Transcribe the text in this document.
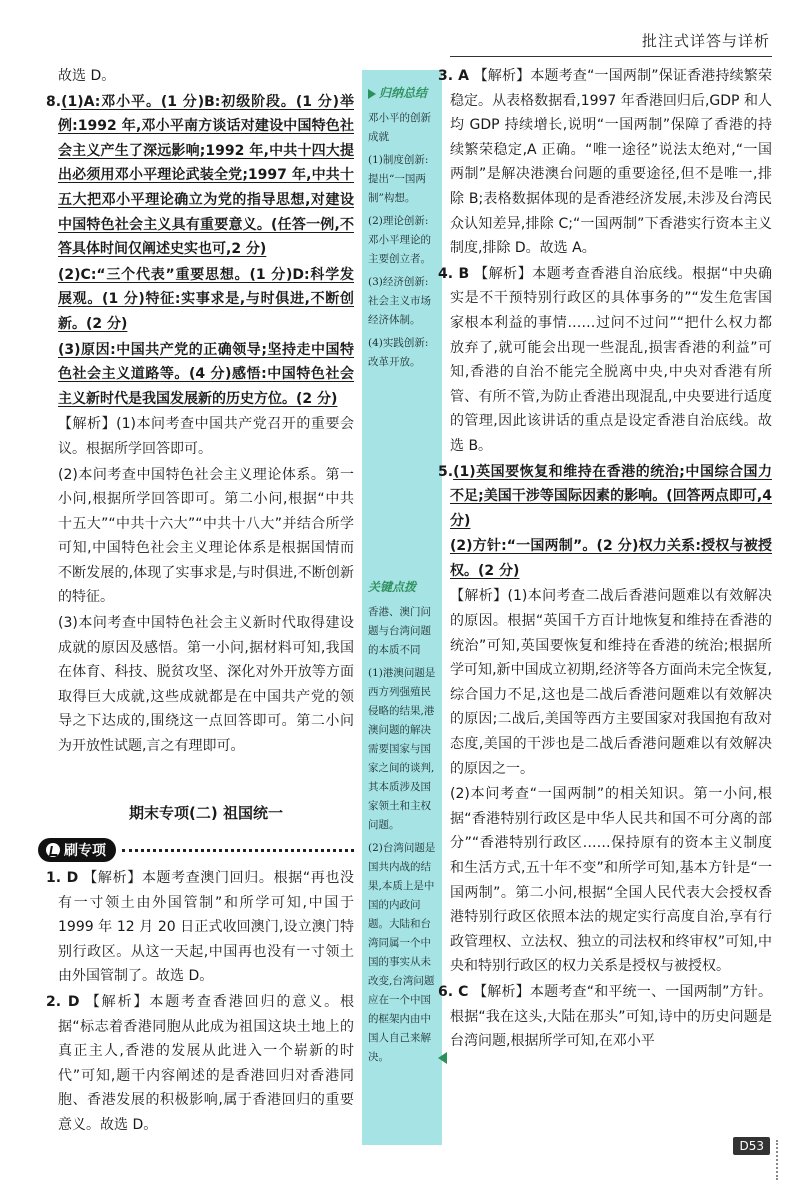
批注式详答与详析

故选 D。

8.(1)A:邓小平。(1 分)B:初级阶段。(1 分)举例:1992 年,邓小平南方谈话对建设中国特色社会主义产生了深远影响;1992 年,中共十四大提出必须用邓小平理论武装全党;1997 年,中共十五大把邓小平理论确立为党的指导思想,对建设中国特色社会主义具有重要意义。(任答一例,不答具体时间仅阐述史实也可,2 分)

(2)C:“三个代表”重要思想。(1 分)D:科学发展观。(1 分)特征:实事求是,与时俱进,不断创新。(2 分)

(3)原因:中国共产党的正确领导;坚持走中国特色社会主义道路等。(4 分)感悟:中国特色社会主义新时代是我国发展新的历史方位。(2 分)

【解析】(1)本问考查中国共产党召开的重要会议。根据所学回答即可。

(2)本问考查中国特色社会主义理论体系。第一小问,根据所学回答即可。第二小问,根据“中共十五大”“中共十六大”“中共十八大”并结合所学可知,中国特色社会主义理论体系是根据国情而不断发展的,体现了实事求是,与时俱进,不断创新的特征。

(3)本问考查中国特色社会主义新时代取得建设成就的原因及感悟。第一小问,据材料可知,我国在体育、科技、脱贫攻坚、深化对外开放等方面取得巨大成就,这些成就都是在中国共产党的领导之下达成的,围绕这一点回答即可。第二小问为开放性试题,言之有理即可。

期末专项(二) 祖国统一
刷专项

1. D 【解析】本题考查澳门回归。根据“再也没有一寸领土由外国管制”和所学可知,中国于 1999 年 12 月 20 日正式收回澳门,设立澳门特别行政区。从这一天起,中国再也没有一寸领土由外国管制了。故选 D。

2. D 【解析】本题考查香港回归的意义。根据“标志着香港同胞从此成为祖国这块土地上的真正主人,香港的发展从此进入一个崭新的时代”可知,题干内容阐述的是香港回归对香港同胞、香港发展的积极影响,属于香港回归的重要意义。故选 D。

归纳总结

邓小平的创新成就

(1)制度创新:提出“一国两制”构想。

(2)理论创新:邓小平理论的主要创立者。

(3)经济创新:社会主义市场经济体制。

(4)实践创新:改革开放。

关键点拨

香港、澳门问题与台湾问题的本质不同

(1)港澳问题是西方列强殖民侵略的结果,港澳问题的解决需要国家与国家之间的谈判,其本质涉及国家领土和主权问题。

(2)台湾问题是国共内战的结果,本质上是中国的内政问题。大陆和台湾同属一个中国的事实从未改变,台湾问题应在一个中国的框架内由中国人自己来解决。

3. A 【解析】本题考查“一国两制”保证香港持续繁荣稳定。从表格数据看,1997 年香港回归后,GDP 和人均 GDP 持续增长,说明“一国两制”保障了香港的持续繁荣稳定,A 正确。“唯一途径”说法太绝对,“一国两制”是解决港澳台问题的重要途径,但不是唯一,排除 B;表格数据体现的是香港经济发展,未涉及台湾民众认知差异,排除 C;“一国两制”下香港实行资本主义制度,排除 D。故选 A。

4. B 【解析】本题考查香港自治底线。根据“中央确实是不干预特别行政区的具体事务的”“发生危害国家根本利益的事情……过问不过问”“把什么权力都放弃了,就可能会出现一些混乱,损害香港的利益”可知,香港的自治不能完全脱离中央,中央对香港有所管、有所不管,为防止香港出现混乱,中央要进行适度的管理,因此该讲话的重点是设定香港自治底线。故选 B。

5.(1)英国要恢复和维持在香港的统治;中国综合国力不足;美国干涉等国际因素的影响。(回答两点即可,4 分)

(2)方针:“一国两制”。(2 分)权力关系:授权与被授权。(2 分)

【解析】(1)本问考查二战后香港问题难以有效解决的原因。根据“英国千方百计地恢复和维持在香港的统治”可知,英国要恢复和维持在香港的统治;根据所学可知,新中国成立初期,经济等各方面尚未完全恢复,综合国力不足,这也是二战后香港问题难以有效解决的原因;二战后,美国等西方主要国家对我国抱有敌对态度,美国的干涉也是二战后香港问题难以有效解决的原因之一。

(2)本问考查“一国两制”的相关知识。第一小问,根据“香港特别行政区是中华人民共和国不可分离的部分”“香港特别行政区……保持原有的资本主义制度和生活方式,五十年不变”和所学可知,基本方针是“一国两制”。第二小问,根据“全国人民代表大会授权香港特别行政区依照本法的规定实行高度自治,享有行政管理权、立法权、独立的司法权和终审权”可知,中央和特别行政区的权力关系是授权与被授权。

6. C 【解析】本题考查“和平统一、一国两制”方针。根据“我在这头,大陆在那头”可知,诗中的历史问题是台湾问题,根据所学可知,在邓小平

D53
